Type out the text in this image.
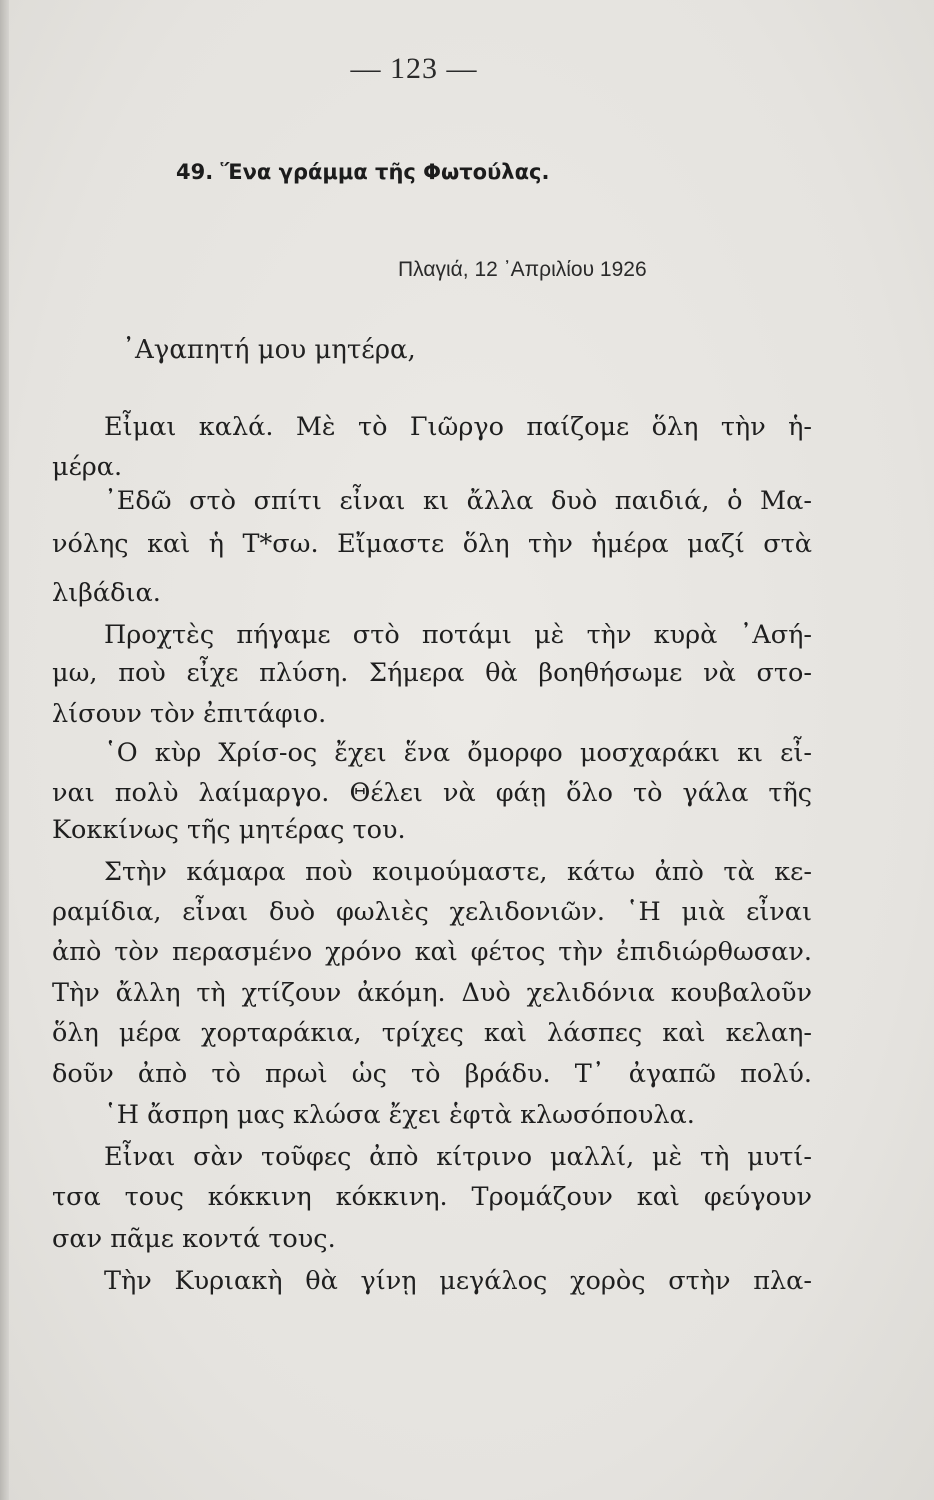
— 123 —
49. Ἕνα γράμμα τῆς Φωτούλας.
Πλαγιά, 12 ᾿Απριλίου 1926
᾿Αγαπητή μου μητέρα,
Εἶμαι καλά. Μὲ τὸ Γιῶργο παίζομε ὅλη τὴν ἡ-
μέρα.
᾿Εδῶ στὸ σπίτι εἶναι κι ἄλλα δυὸ παιδιά, ὁ Μα-
νόλης καὶ ἡ Τ*σω. Εἴμαστε ὅλη τὴν ἡμέρα μαζί στὰ
λιβάδια.
Προχτὲς πήγαμε στὸ ποτάμι μὲ τὴν κυρὰ ᾿Ασή-
μω, ποὺ εἶχε πλύση. Σήμερα θὰ βοηθήσωμε νὰ στο-
λίσουν τὸν ἐπιτάφιο.
῾Ο κὺρ Χρίσ-ος ἔχει ἕνα ὄμορφο μοσχαράκι κι εἶ-
ναι πολὺ λαίμαργο. Θέλει νὰ φάῃ ὅλο τὸ γάλα τῆς
Κοκκίνως τῆς μητέρας του.
Στὴν κάμαρα ποὺ κοιμούμαστε, κάτω ἀπὸ τὰ κε-
ραμίδια, εἶναι δυὸ φωλιὲς χελιδονιῶν. ῾Η μιὰ εἶναι
ἀπὸ τὸν περασμένο χρόνο καὶ φέτος τὴν ἐπιδιώρθωσαν.
Τὴν ἄλλη τὴ χτίζουν ἀκόμη. Δυὸ χελιδόνια κουβαλοῦν
ὅλη μέρα χορταράκια, τρίχες καὶ λάσπες καὶ κελαη-
δοῦν ἀπὸ τὸ πρωὶ ὡς τὸ βράδυ. Τ᾿ ἀγαπῶ πολύ.
῾Η ἄσπρη μας κλώσα ἔχει ἑφτὰ κλωσόπουλα.
Εἶναι σὰν τοῦφες ἀπὸ κίτρινο μαλλί, μὲ τὴ μυτί-
τσα τους κόκκινη κόκκινη. Τρομάζουν καὶ φεύγουν
σαν πᾶμε κοντά τους.
Τὴν Κυριακὴ θὰ γίνῃ μεγάλος χορὸς στὴν πλα-
